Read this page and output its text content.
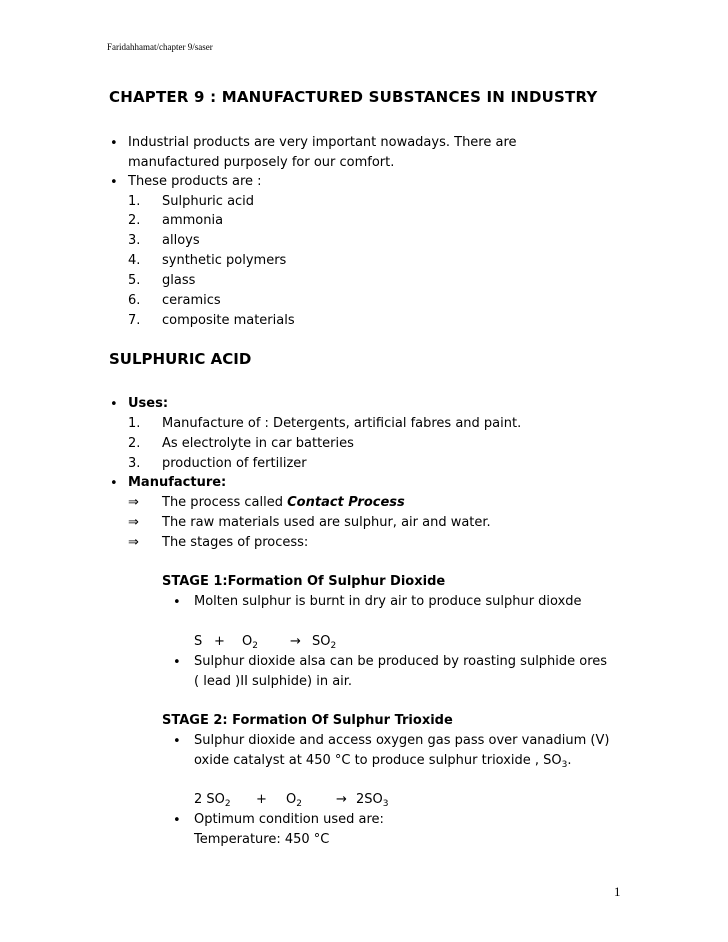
Faridahhamat/chapter 9/saser
CHAPTER 9 : MANUFACTURED SUBSTANCES IN INDUSTRY
• Industrial products are very important nowadays. There are
manufactured purposely for our comfort.
• These products are :
1. Sulphuric acid
2. ammonia
3. alloys
4. synthetic polymers
5. glass
6. ceramics
7. composite materials
SULPHURIC ACID
• Uses:
1. Manufacture of : Detergents, artificial fabres and paint.
2. As electrolyte in car batteries
3. production of fertilizer
• Manufacture:
⇒ The process called Contact Process
⇒ The raw materials used are sulphur, air and water.
⇒ The stages of process:
STAGE 1:Formation Of Sulphur Dioxide
• Molten sulphur is burnt in dry air to produce sulphur dioxde
$S + O_2 \to SO_2$
• Sulphur dioxide alsa can be produced by roasting sulphide ores
( lead )II sulphide) in air.
STAGE 2: Formation Of Sulphur Trioxide
• Sulphur dioxide and access oxygen gas pass over vanadium (V)
oxide catalyst at 450 °C to produce sulphur trioxide , $SO_3$.
2 $SO_2 + O_2$	→ $2SO_3$
• Optimum condition used are:
Temperature: 450 °C
1
